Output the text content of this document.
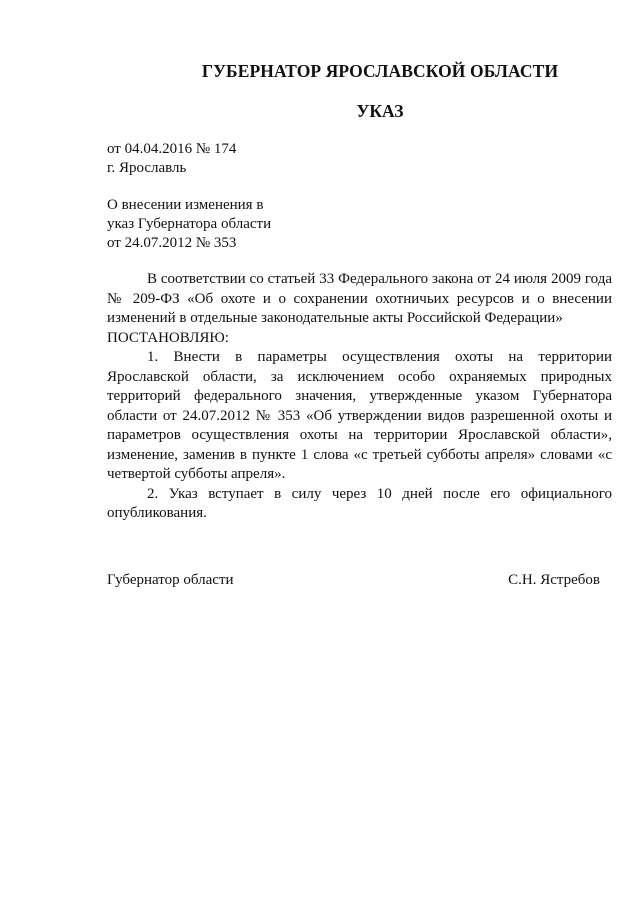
ГУБЕРНАТОР ЯРОСЛАВСКОЙ ОБЛАСТИ
УКАЗ
от 04.04.2016 № 174
г. Ярославль
О внесении изменения в
указ Губернатора области
от 24.07.2012 № 353

В соответствии со статьей 33 Федерального закона от 24 июля 2009 года № 209-ФЗ «Об охоте и о сохранении охотничьих ресурсов и о внесении изменений в отдельные законодательные акты Российской Федерации»

ПОСТАНОВЛЯЮ:

1. Внести в параметры осуществления охоты на территории Ярославской области, за исключением особо охраняемых природных территорий федерального значения, утвержденные указом Губернатора области от 24.07.2012 № 353 «Об утверждении видов разрешенной охоты и параметров осуществления охоты на территории Ярославской области», изменение, заменив в пункте 1 слова «с третьей субботы апреля» словами «с четвертой субботы апреля».

2. Указ вступает в силу через 10 дней после его официального опубликования.

Губернатор области	С.Н. Ястребов
